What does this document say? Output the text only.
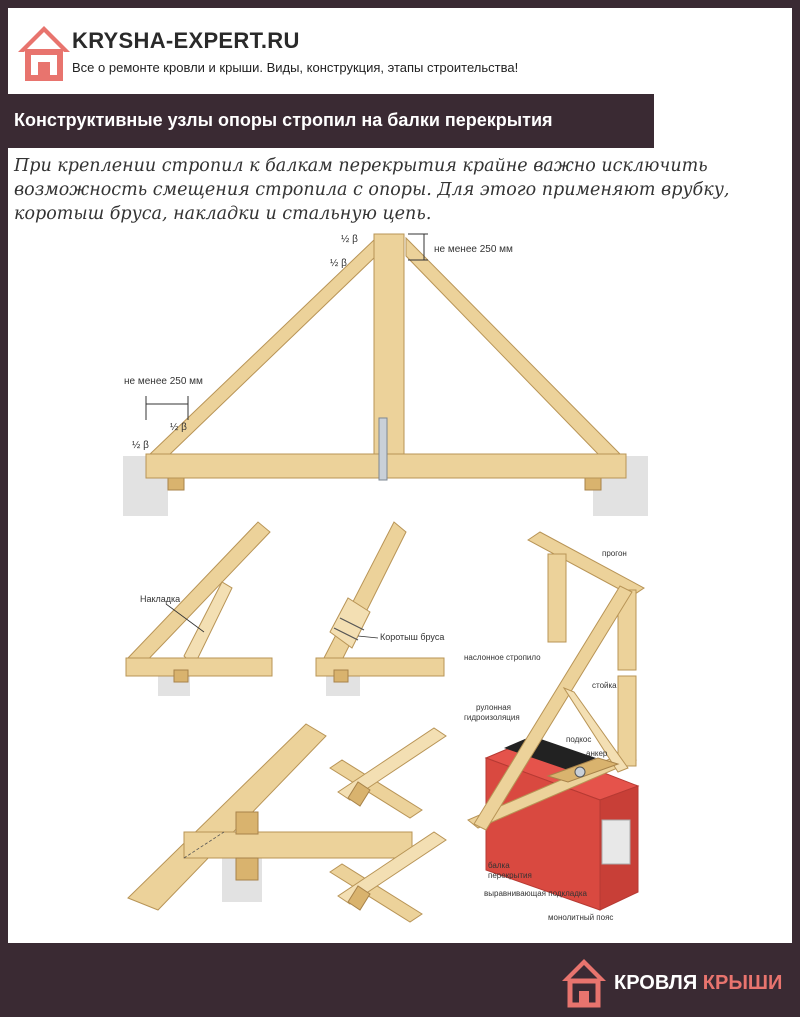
KRYSHA-EXPERT.RU
Все о ремонте кровли и крыши. Виды, конструкция, этапы строительства!
Конструктивные узлы опоры стропил на балки перекрытия
При креплении стропил к балкам перекрытия крайне важно исключить возможность смещения стропила с опоры. Для этого применяют врубку, коротыш бруса, накладки и стальную цепь.
не менее 250 мм
½ β
½ β
не менее 250 мм
½ β
½ β
Накладка
Коротыш бруса
прогон
наслонное стропило
стойка
рулонная
гидроизоляция
подкос
анкер
балка
перекрытия
выравнивающая подкладка
монолитный пояс
КРОВЛЯ КРЫШИ
